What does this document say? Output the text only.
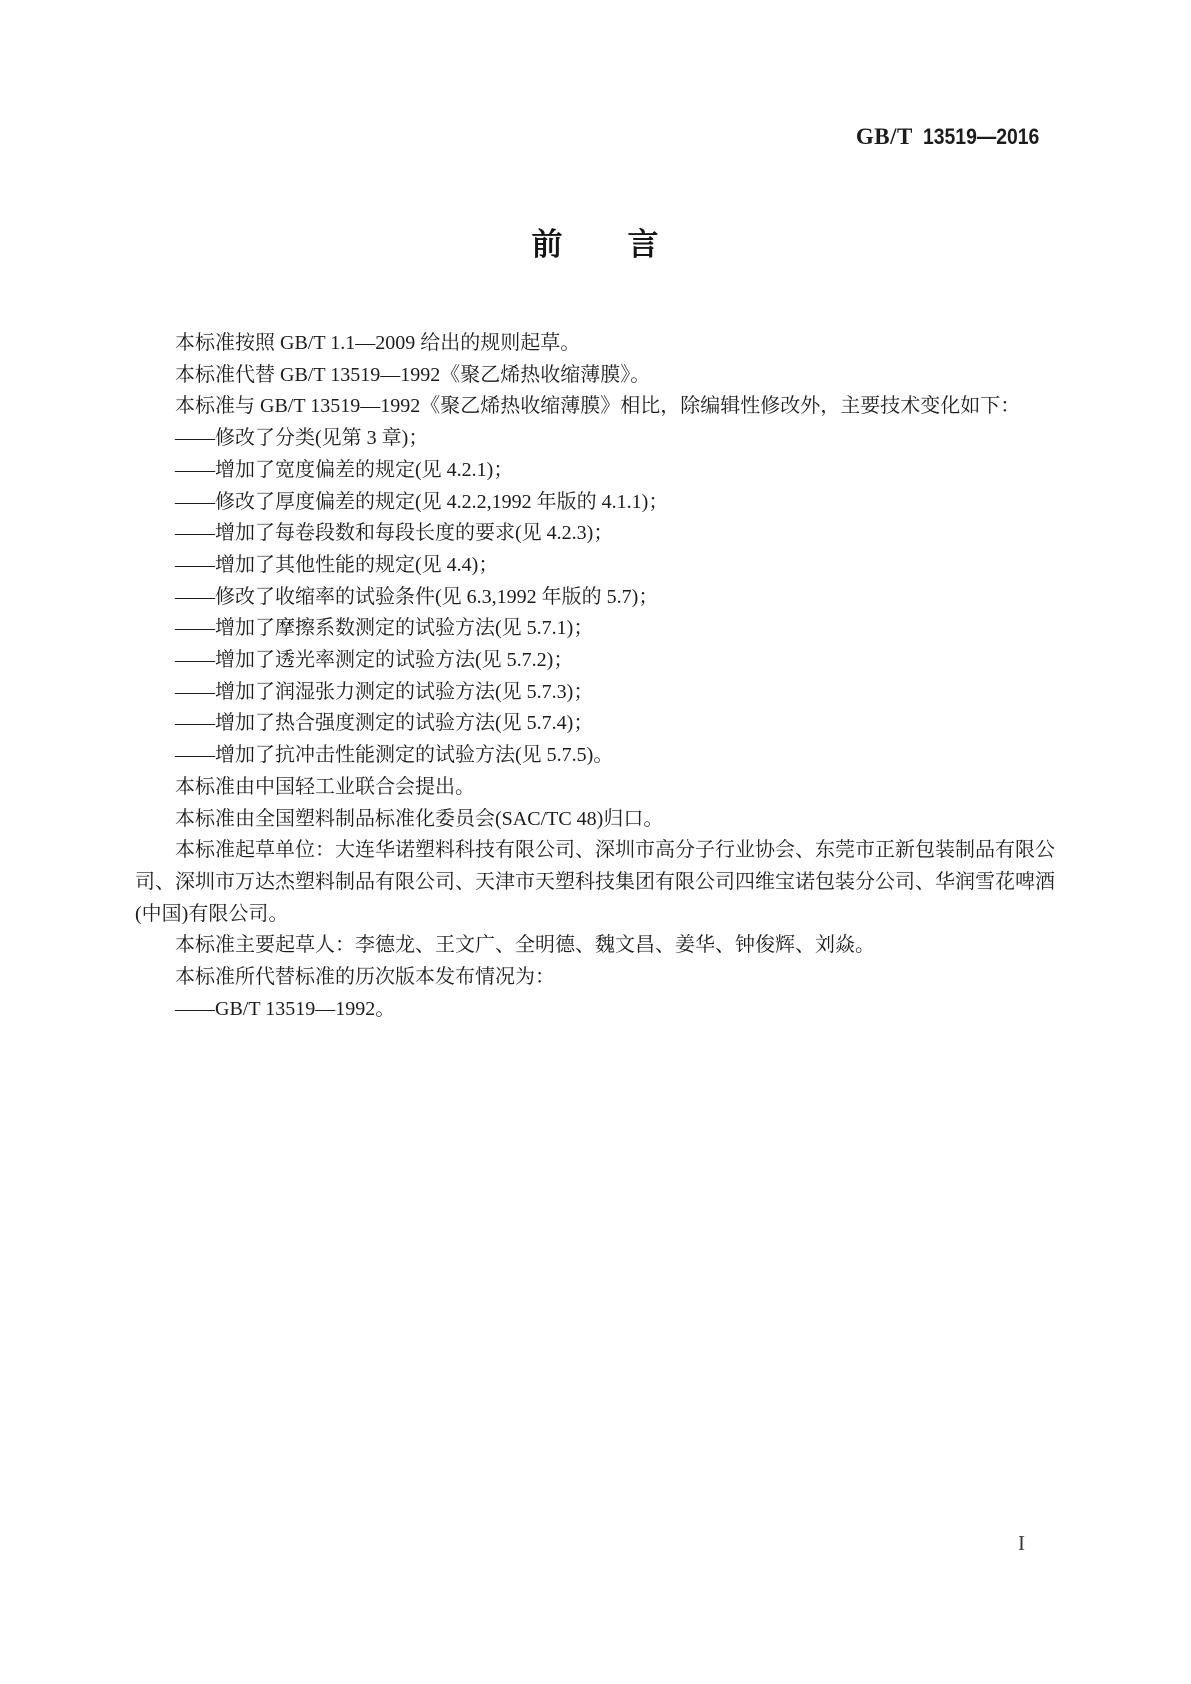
GB/T 13519—2016
前言

本标准按照 GB/T 1.1—2009 给出的规则起草。

本标准代替 GB/T 13519—1992《聚乙烯热收缩薄膜》。

本标准与 GB/T 13519—1992《聚乙烯热收缩薄膜》相比，除编辑性修改外，主要技术变化如下：

——修改了分类(见第 3 章)；

——增加了宽度偏差的规定(见 4.2.1)；

——修改了厚度偏差的规定(见 4.2.2,1992 年版的 4.1.1)；

——增加了每卷段数和每段长度的要求(见 4.2.3)；

——增加了其他性能的规定(见 4.4)；

——修改了收缩率的试验条件(见 6.3,1992 年版的 5.7)；

——增加了摩擦系数测定的试验方法(见 5.7.1)；

——增加了透光率测定的试验方法(见 5.7.2)；

——增加了润湿张力测定的试验方法(见 5.7.3)；

——增加了热合强度测定的试验方法(见 5.7.4)；

——增加了抗冲击性能测定的试验方法(见 5.7.5)。

本标准由中国轻工业联合会提出。

本标准由全国塑料制品标准化委员会(SAC/TC 48)归口。

本标准起草单位：大连华诺塑料科技有限公司、深圳市高分子行业协会、东莞市正新包装制品有限公司、深圳市万达杰塑料制品有限公司、天津市天塑科技集团有限公司四维宝诺包装分公司、华润雪花啤酒(中国)有限公司。

本标准主要起草人：李德龙、王文广、全明德、魏文昌、姜华、钟俊辉、刘焱。

本标准所代替标准的历次版本发布情况为：

——GB/T 13519—1992。

I
